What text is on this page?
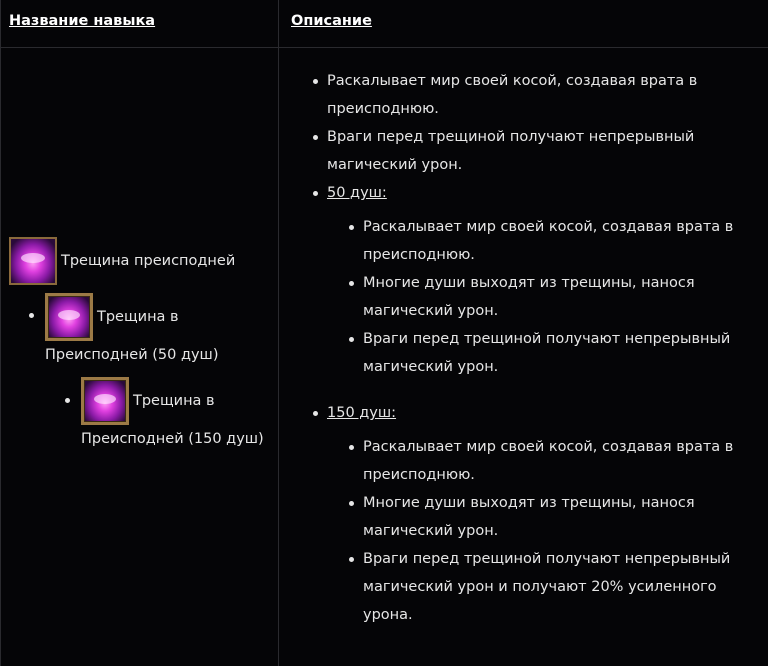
Название навыка	Описание
Трещина преисподней
Трещина в
Преисподней (50 душ)
Трещина в
Преисподней (150 душ)
Раскалывает мир своей косой, создавая врата в
преисподнюю.
Враги перед трещиной получают непрерывный
магический урон.
50 душ:
Раскалывает мир своей косой, создавая врата в
преисподнюю.
Многие души выходят из трещины, нанося
магический урон.
Враги перед трещиной получают непрерывный
магический урон.
150 душ:
Раскалывает мир своей косой, создавая врата в
преисподнюю.
Многие души выходят из трещины, нанося
магический урон.
Враги перед трещиной получают непрерывный
магический урон и получают 20% усиленного
урона.
